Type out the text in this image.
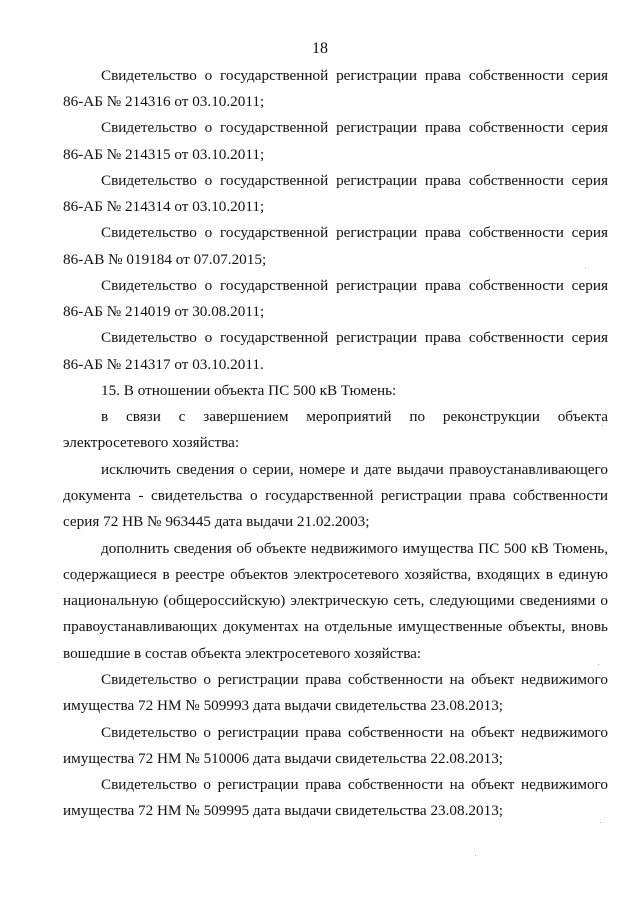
18
Свидетельство о государственной регистрации права собственности серия
86-АБ № 214316 от 03.10.2011;
Свидетельство о государственной регистрации права собственности серия
86-АБ № 214315 от 03.10.2011;
Свидетельство о государственной регистрации права собственности серия
86-АБ № 214314 от 03.10.2011;
Свидетельство о государственной регистрации права собственности серия
86-АВ № 019184 от 07.07.2015;
Свидетельство о государственной регистрации права собственности серия
86-АБ № 214019 от 30.08.2011;
Свидетельство о государственной регистрации права собственности серия
86-АБ № 214317 от 03.10.2011.
15. В отношении объекта ПС 500 кВ Тюмень:
в связи с завершением мероприятий по реконструкции объекта
электросетевого хозяйства:
исключить сведения о серии, номере и дате выдачи правоустанавливающего
документа - свидетельства о государственной регистрации права собственности
серия 72 НВ № 963445 дата выдачи 21.02.2003;
дополнить сведения об объекте недвижимого имущества ПС 500 кВ Тюмень,
содержащиеся в реестре объектов электросетевого хозяйства, входящих в единую
национальную (общероссийскую) электрическую сеть, следующими сведениями о
правоустанавливающих документах на отдельные имущественные объекты, вновь
вошедшие в состав объекта электросетевого хозяйства:
Свидетельство о регистрации права собственности на объект недвижимого
имущества 72 НМ № 509993 дата выдачи свидетельства 23.08.2013;
Свидетельство о регистрации права собственности на объект недвижимого
имущества 72 НМ № 510006 дата выдачи свидетельства 22.08.2013;
Свидетельство о регистрации права собственности на объект недвижимого
имущества 72 НМ № 509995 дата выдачи свидетельства 23.08.2013;
